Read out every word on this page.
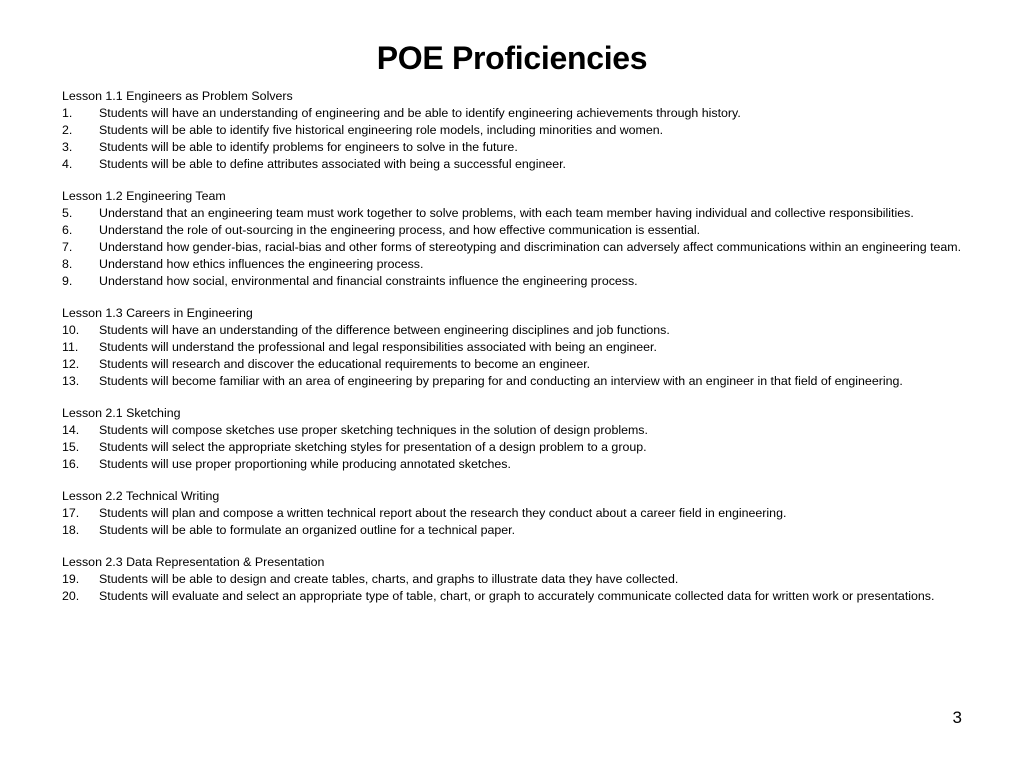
POE Proficiencies
Lesson 1.1 Engineers as Problem Solvers
1.	Students will have an understanding of engineering and be able to identify engineering achievements through history.
2.	Students will be able to identify five historical engineering role models, including minorities and women.
3.	Students will be able to identify problems for engineers to solve in the future.
4.	Students will be able to define attributes associated with being a successful engineer.
Lesson 1.2 Engineering Team
5.	Understand that an engineering team must work together to solve problems, with each team member having individual and collective responsibilities.
6.	Understand the role of out-sourcing in the engineering process, and how effective communication is essential.
7.	Understand how gender-bias, racial-bias and other forms of stereotyping and discrimination can adversely affect communications within an engineering team.
8.	Understand how ethics influences the engineering process.
9.	Understand how social, environmental and financial constraints influence the engineering process.
Lesson 1.3 Careers in Engineering
10.	Students will have an understanding of the difference between engineering disciplines and job functions.
11.	Students will understand the professional and legal responsibilities associated with being an engineer.
12.	Students will research and discover the educational requirements to become an engineer.
13.	Students will become familiar with an area of engineering by preparing for and conducting an interview with an engineer in that field of engineering.
Lesson 2.1 Sketching
14.	Students will compose sketches use proper sketching techniques in the solution of design problems.
15.	Students will select the appropriate sketching styles for presentation of a design problem to a group.
16.	Students will use proper proportioning while producing annotated sketches.
Lesson 2.2 Technical Writing
17.	Students will plan and compose a written technical report about the research they conduct about a career field in engineering.
18.	Students will be able to formulate an organized outline for a technical paper.
Lesson 2.3 Data Representation & Presentation
19.	Students will be able to design and create tables, charts, and graphs to illustrate data they have collected.
20.	Students will evaluate and select an appropriate type of table, chart, or graph to accurately communicate collected data for written work or presentations.
3
